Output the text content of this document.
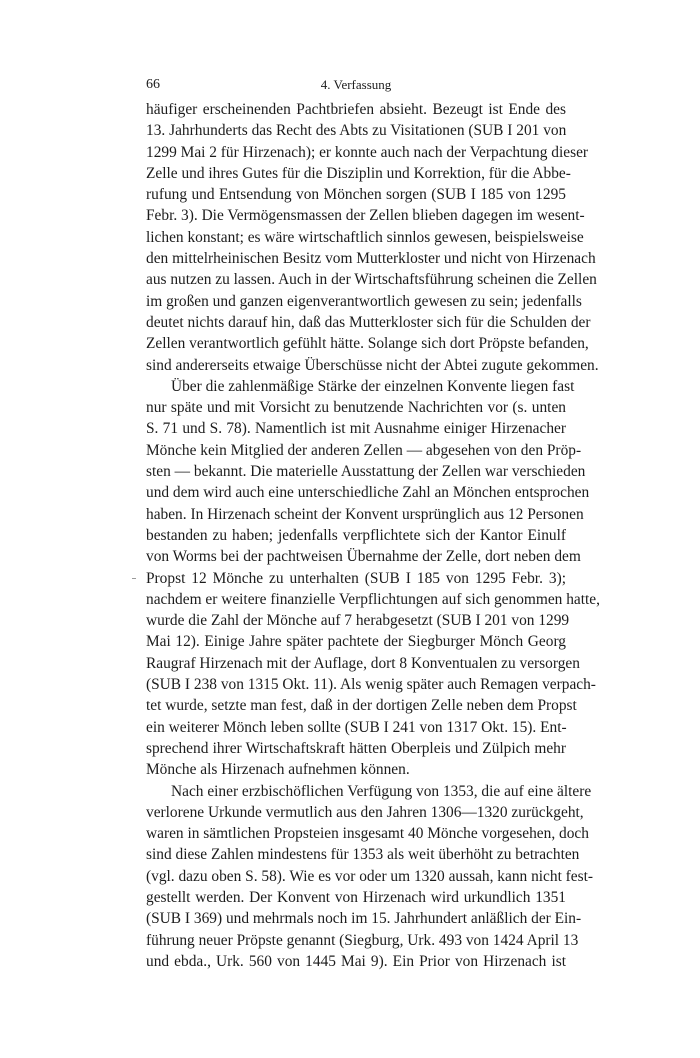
66	4. Verfassung
häufiger erscheinenden Pachtbriefen absieht. Bezeugt ist Ende des
13. Jahrhunderts das Recht des Abts zu Visitationen (SUB I 201 von
1299 Mai 2 für Hirzenach); er konnte auch nach der Verpachtung dieser
Zelle und ihres Gutes für die Disziplin und Korrektion, für die Abbe-
rufung und Entsendung von Mönchen sorgen (SUB I 185 von 1295
Febr. 3). Die Vermögensmassen der Zellen blieben dagegen im wesent-
lichen konstant; es wäre wirtschaftlich sinnlos gewesen, beispielsweise
den mittelrheinischen Besitz vom Mutterkloster und nicht von Hirzenach
aus nutzen zu lassen. Auch in der Wirtschaftsführung scheinen die Zellen
im großen und ganzen eigenverantwortlich gewesen zu sein; jedenfalls
deutet nichts darauf hin, daß das Mutterkloster sich für die Schulden der
Zellen verantwortlich gefühlt hätte. Solange sich dort Pröpste befanden,
sind andererseits etwaige Überschüsse nicht der Abtei zugute gekommen.
Über die zahlenmäßige Stärke der einzelnen Konvente liegen fast
nur späte und mit Vorsicht zu benutzende Nachrichten vor (s. unten
S. 71 und S. 78). Namentlich ist mit Ausnahme einiger Hirzenacher
Mönche kein Mitglied der anderen Zellen — abgesehen von den Pröp-
sten — bekannt. Die materielle Ausstattung der Zellen war verschieden
und dem wird auch eine unterschiedliche Zahl an Mönchen entsprochen
haben. In Hirzenach scheint der Konvent ursprünglich aus 12 Personen
bestanden zu haben; jedenfalls verpflichtete sich der Kantor Einulf
von Worms bei der pachtweisen Übernahme der Zelle, dort neben dem
Propst 12 Mönche zu unterhalten (SUB I 185 von 1295 Febr. 3);
nachdem er weitere finanzielle Verpflichtungen auf sich genommen hatte,
wurde die Zahl der Mönche auf 7 herabgesetzt (SUB I 201 von 1299
Mai 12). Einige Jahre später pachtete der Siegburger Mönch Georg
Raugraf Hirzenach mit der Auflage, dort 8 Konventualen zu versorgen
(SUB I 238 von 1315 Okt. 11). Als wenig später auch Remagen verpach-
tet wurde, setzte man fest, daß in der dortigen Zelle neben dem Propst
ein weiterer Mönch leben sollte (SUB I 241 von 1317 Okt. 15). Ent-
sprechend ihrer Wirtschaftskraft hätten Oberpleis und Zülpich mehr
Mönche als Hirzenach aufnehmen können.
Nach einer erzbischöflichen Verfügung von 1353, die auf eine ältere
verlorene Urkunde vermutlich aus den Jahren 1306—1320 zurückgeht,
waren in sämtlichen Propsteien insgesamt 40 Mönche vorgesehen, doch
sind diese Zahlen mindestens für 1353 als weit überhöht zu betrachten
(vgl. dazu oben S. 58). Wie es vor oder um 1320 aussah, kann nicht fest-
gestellt werden. Der Konvent von Hirzenach wird urkundlich 1351
(SUB I 369) und mehrmals noch im 15. Jahrhundert anläßlich der Ein-
führung neuer Pröpste genannt (Siegburg, Urk. 493 von 1424 April 13
und ebda., Urk. 560 von 1445 Mai 9). Ein Prior von Hirzenach ist
